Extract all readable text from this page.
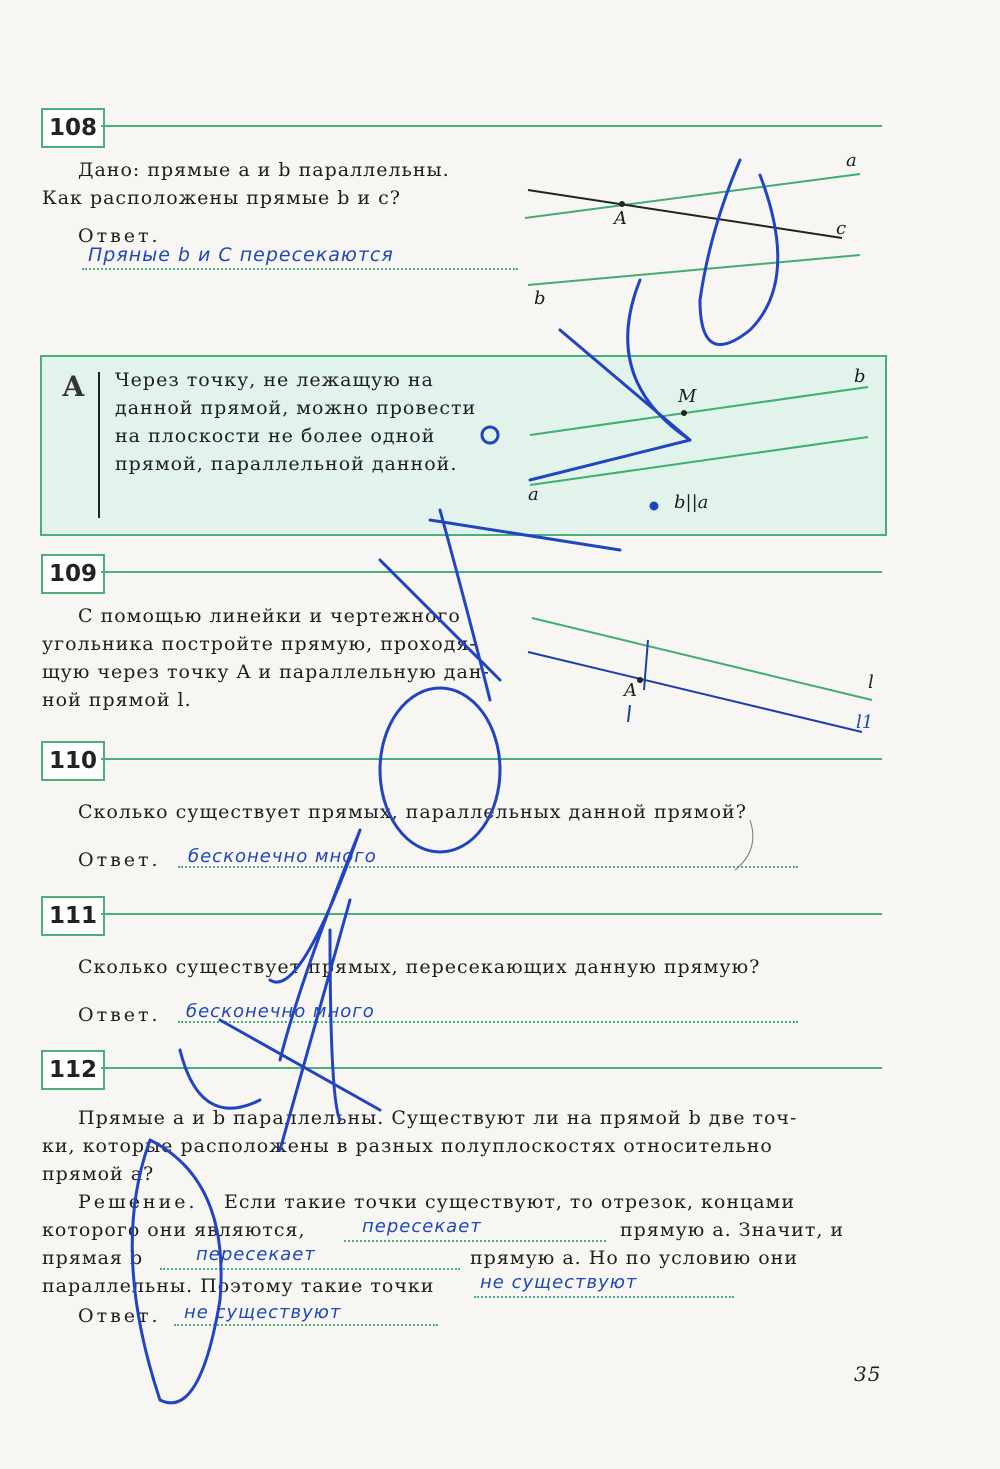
108
Дано: прямые a и b параллельны.
Как расположены прямые b и c?
Ответ.
Пряные b и C пересекаются
А Через точку, не лежащую на
данной прямой, можно провести
на плоскости не более одной
прямой, параллельной данной.
109
С помощью линейки и чертежного
угольника постройте прямую, проходя-
щую через точку A и параллельную дан-
ной прямой l.
110
Сколько существует прямых, параллельных данной прямой?
Ответ. бесконечно много
111
Сколько существует прямых, пересекающих данную прямую?
Ответ. бесконечно много
112
Прямые a и b параллельны. Существуют ли на прямой b две точ-
ки, которые расположены в разных полуплоскостях относительно
прямой a?
Решение. Если такие точки существуют, то отрезок, концами
которого они являются,	пересекает	прямую a. Значит, и
прямая b	пересекает	прямую a. Но по условию они
параллельны. Поэтому такие точки	не существуют
Ответ. не существуют
35
a
A	c
b
M
b
a	b||a
A	l
l1
